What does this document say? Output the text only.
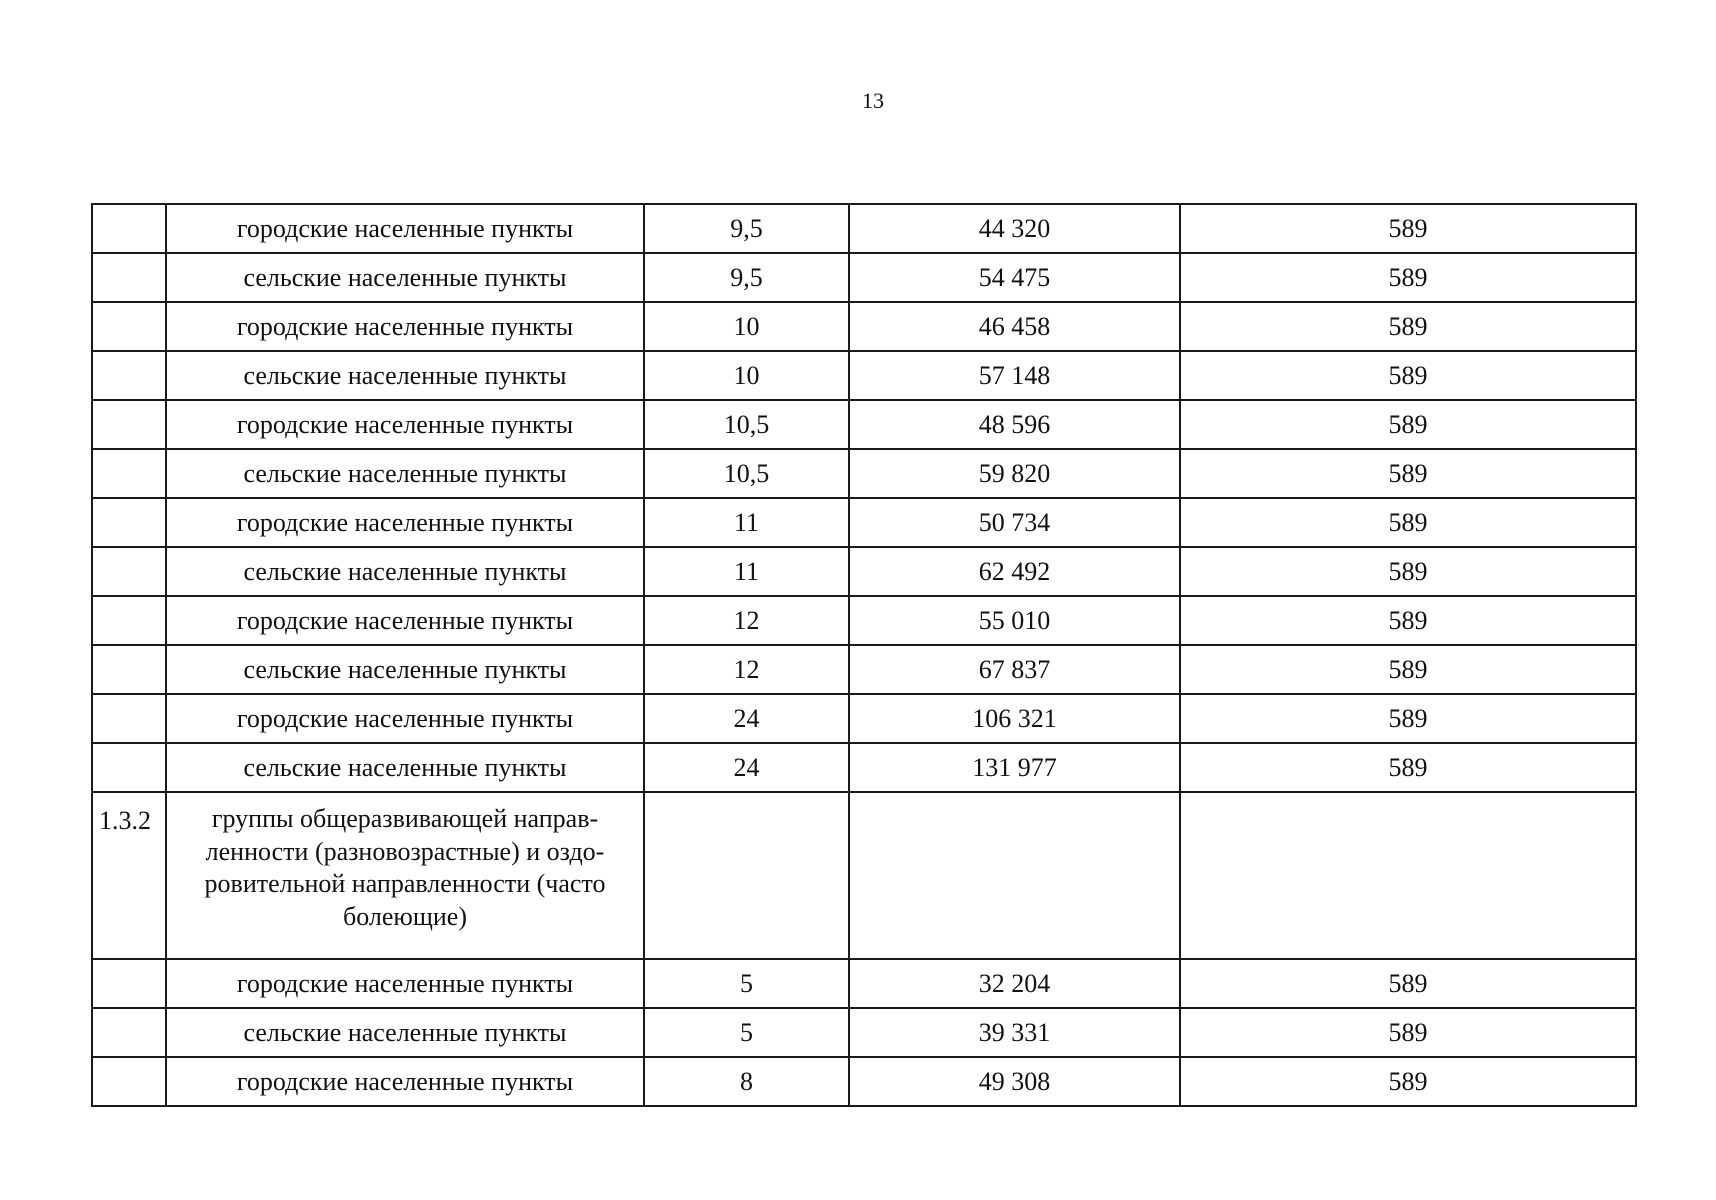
13
	городские населенные пункты	9,5	44 320	589
	сельские населенные пункты	9,5	54 475	589
	городские населенные пункты	10	46 458	589
	сельские населенные пункты	10	57 148	589
	городские населенные пункты	10,5	48 596	589
	сельские населенные пункты	10,5	59 820	589
	городские населенные пункты	11	50 734	589
	сельские населенные пункты	11	62 492	589
	городские населенные пункты	12	55 010	589
	сельские населенные пункты	12	67 837	589
	городские населенные пункты	24	106 321	589
	сельские населенные пункты	24	131 977	589
1.3.2	группы общеразвивающей направ-
ленности (разновозрастные) и оздо-
ровительной направленности (часто
болеющие)			

	городские населенные пункты	5	32 204	589
	сельские населенные пункты	5	39 331	589
	городские населенные пункты	8	49 308	589
